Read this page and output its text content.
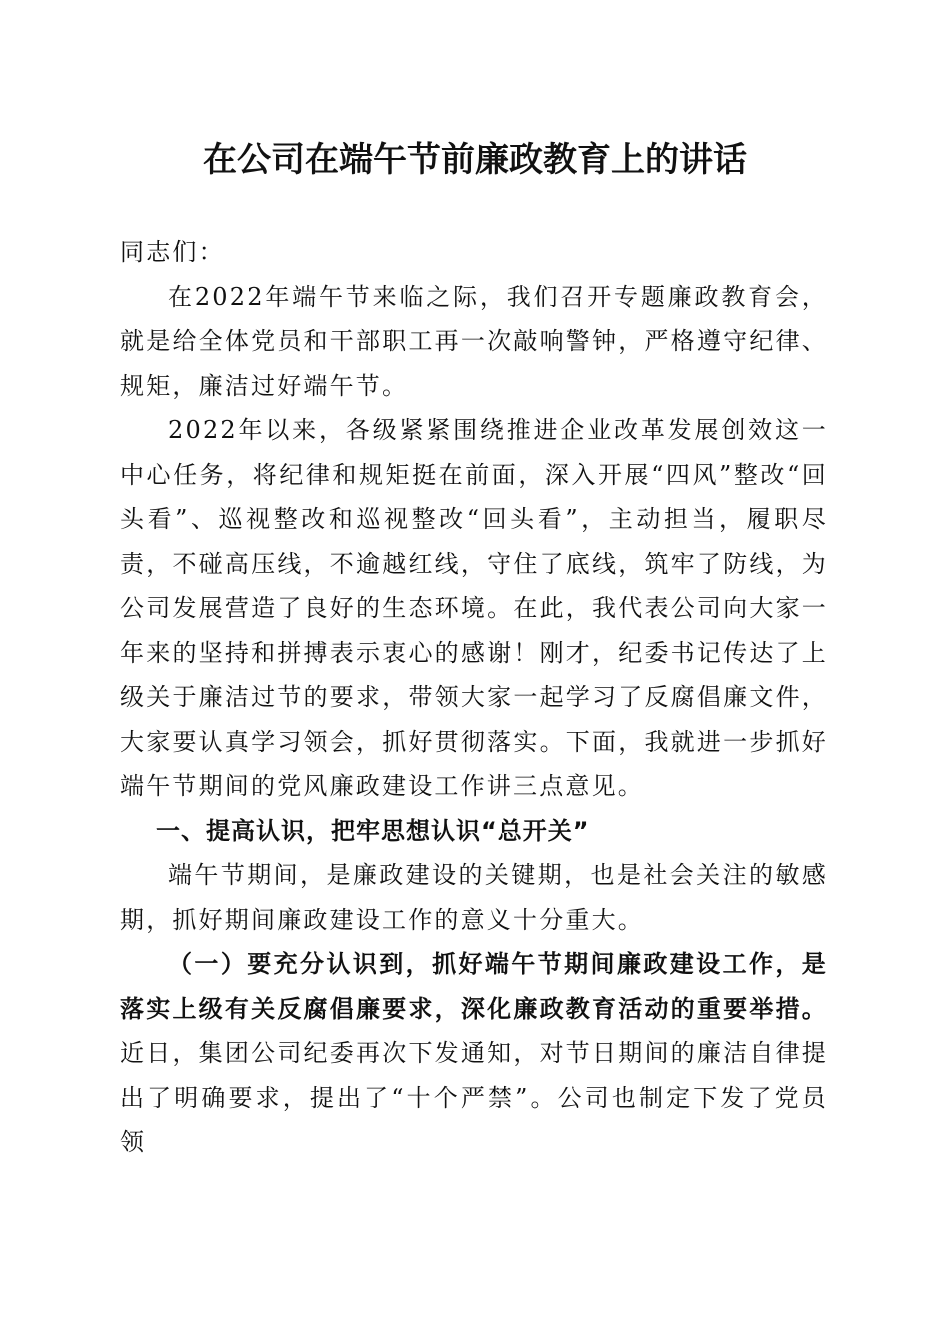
在公司在端午节前廉政教育上的讲话

同志们：

在2022年端午节来临之际，我们召开专题廉政教育会，就是给全体党员和干部职工再一次敲响警钟，严格遵守纪律、规矩，廉洁过好端午节。

2022年以来，各级紧紧围绕推进企业改革发展创效这一中心任务，将纪律和规矩挺在前面，深入开展“四风”整改“回头看”、巡视整改和巡视整改“回头看”，主动担当，履职尽责，不碰高压线，不逾越红线，守住了底线，筑牢了防线，为公司发展营造了良好的生态环境。在此，我代表公司向大家一年来的坚持和拼搏表示衷心的感谢！刚才，纪委书记传达了上级关于廉洁过节的要求，带领大家一起学习了反腐倡廉文件，大家要认真学习领会，抓好贯彻落实。下面，我就进一步抓好端午节期间的党风廉政建设工作讲三点意见。

一、提高认识，把牢思想认识“总开关”

端午节期间，是廉政建设的关键期，也是社会关注的敏感期，抓好期间廉政建设工作的意义十分重大。

（一）要充分认识到，抓好端午节期间廉政建设工作，是落实上级有关反腐倡廉要求，深化廉政教育活动的重要举措。近日，集团公司纪委再次下发通知，对节日期间的廉洁自律提出了明确要求，提出了“十个严禁”。公司也制定下发了党员领
